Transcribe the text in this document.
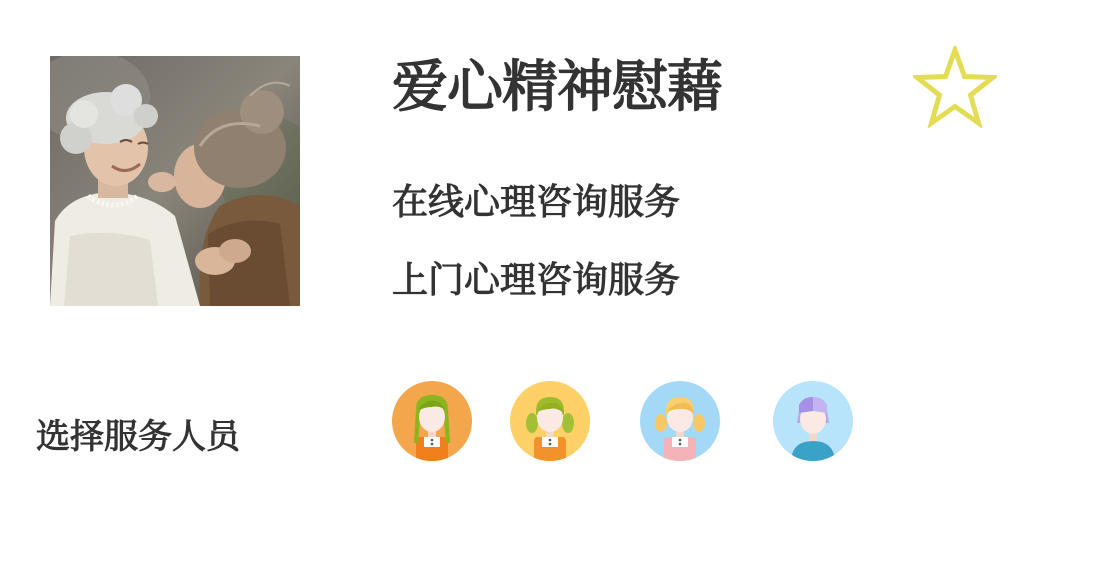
爱心精神慰藉
在线心理咨询服务
上门心理咨询服务
选择服务人员
